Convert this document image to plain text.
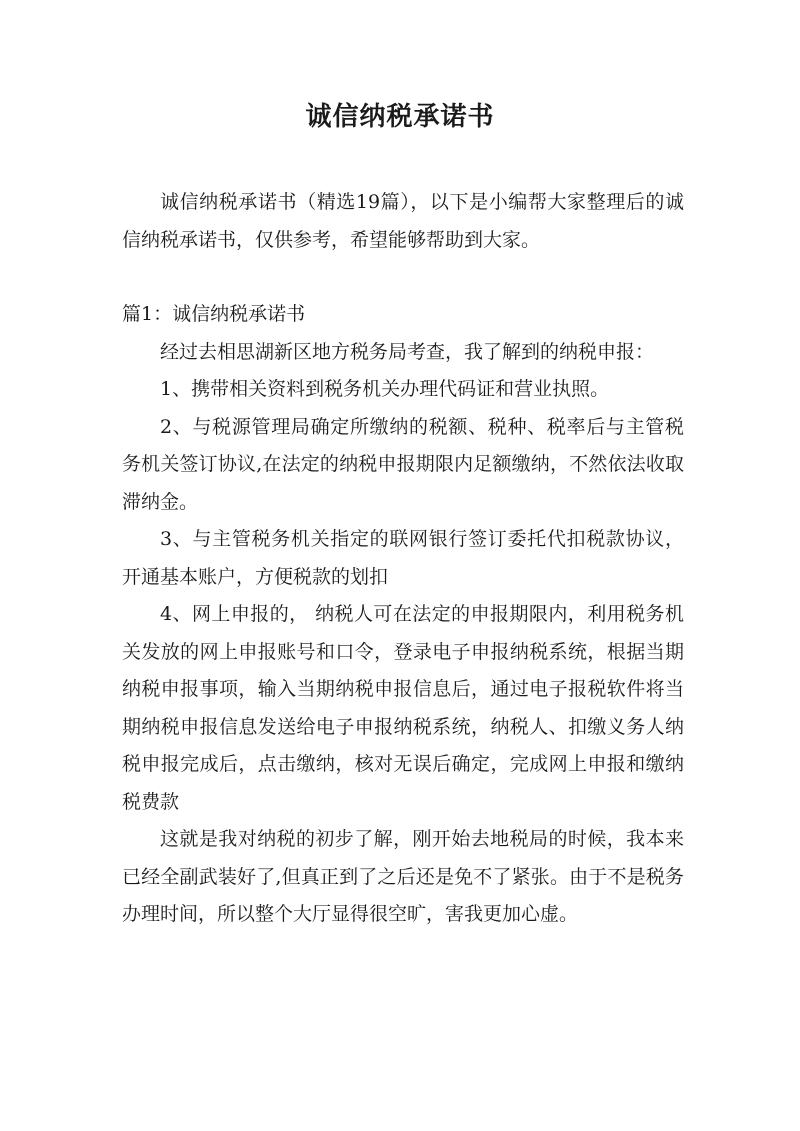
诚信纳税承诺书

诚信纳税承诺书（精选19篇），以下是小编帮大家整理后的诚信纳税承诺书，仅供参考，希望能够帮助到大家。

篇1：诚信纳税承诺书

经过去相思湖新区地方税务局考查，我了解到的纳税申报：

1、携带相关资料到税务机关办理代码证和营业执照。

2、与税源管理局确定所缴纳的税额、税种、税率后与主管税务机关签订协议,在法定的纳税申报期限内足额缴纳，不然依法收取滞纳金。

3、与主管税务机关指定的联网银行签订委托代扣税款协议，开通基本账户，方便税款的划扣

4、网上申报的， 纳税人可在法定的申报期限内，利用税务机关发放的网上申报账号和口令，登录电子申报纳税系统，根据当期纳税申报事项，输入当期纳税申报信息后，通过电子报税软件将当期纳税申报信息发送给电子申报纳税系统，纳税人、扣缴义务人纳税申报完成后，点击缴纳，核对无误后确定，完成网上申报和缴纳税费款

这就是我对纳税的初步了解，刚开始去地税局的时候，我本来已经全副武装好了,但真正到了之后还是免不了紧张。由于不是税务办理时间，所以整个大厅显得很空旷，害我更加心虚。
